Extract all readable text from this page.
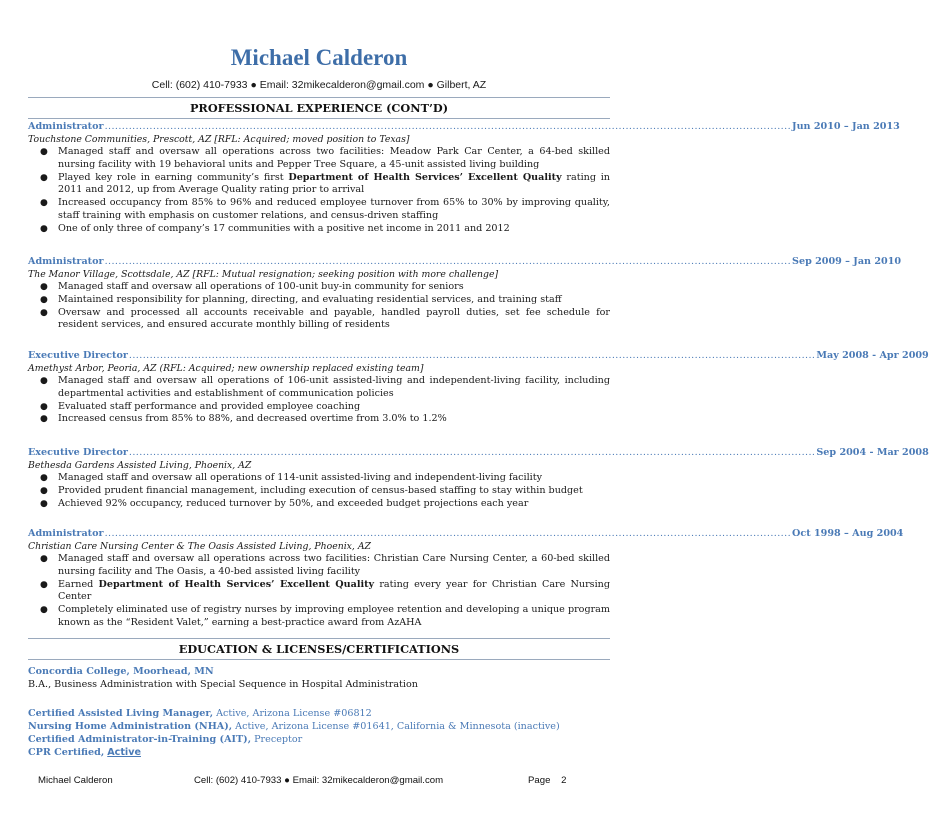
Michael Calderon
Cell: (602) 410-7933 ● Email: 32mikecalderon@gmail.com ● Gilbert, AZ
PROFESSIONAL EXPERIENCE (CONT’D)
Administrator ....................................................................................................................................................................................................... Jun 2010 – Jan 2013
Touchstone Communities, Prescott, AZ [RFL: Acquired; moved position to Texas]
● Managed staff and oversaw all operations across two facilities: Meadow Park Car Center, a 64-bed skilled nursing facility with 19 behavioral units and Pepper Tree Square, a 45-unit assisted living building
● Played key role in earning community’s first Department of Health Services’ Excellent Quality rating in 2011 and 2012, up from Average Quality rating prior to arrival
● Increased occupancy from 85% to 96% and reduced employee turnover from 65% to 30% by improving quality, staff training with emphasis on customer relations, and census-driven staffing
● One of only three of company’s 17 communities with a positive net income in 2011 and 2012
Administrator ....................................................................................................................................................................................................... Sep 2009 – Jan 2010
The Manor Village, Scottsdale, AZ [RFL: Mutual resignation; seeking position with more challenge]
● Managed staff and oversaw all operations of 100-unit buy-in community for seniors
● Maintained responsibility for planning, directing, and evaluating residential services, and training staff
● Oversaw and processed all accounts receivable and payable, handled payroll duties, set fee schedule for resident services, and ensured accurate monthly billing of residents
Executive Director ....................................................................................................................................................................................................... May 2008 - Apr 2009
Amethyst Arbor, Peoria, AZ (RFL: Acquired; new ownership replaced existing team]
● Managed staff and oversaw all operations of 106-unit assisted-living and independent-living facility, including departmental activities and establishment of communication policies
● Evaluated staff performance and provided employee coaching
● Increased census from 85% to 88%, and decreased overtime from 3.0% to 1.2%
Executive Director ....................................................................................................................................................................................................... Sep 2004 - Mar 2008
Bethesda Gardens Assisted Living, Phoenix, AZ
● Managed staff and oversaw all operations of 114-unit assisted-living and independent-living facility
● Provided prudent financial management, including execution of census-based staffing to stay within budget
● Achieved 92% occupancy, reduced turnover by 50%, and exceeded budget projections each year
Administrator ....................................................................................................................................................................................................... Oct 1998 – Aug 2004
Christian Care Nursing Center & The Oasis Assisted Living, Phoenix, AZ
● Managed staff and oversaw all operations across two facilities: Christian Care Nursing Center, a 60-bed skilled nursing facility and The Oasis, a 40-bed assisted living facility
● Earned Department of Health Services’ Excellent Quality rating every year for Christian Care Nursing Center
● Completely eliminated use of registry nurses by improving employee retention and developing a unique program known as the “Resident Valet,” earning a best-practice award from AzAHA
EDUCATION & LICENSES/CERTIFICATIONS
Concordia College, Moorhead, MN
B.A., Business Administration with Special Sequence in Hospital Administration
Certified Assisted Living Manager, Active, Arizona License #06812
Nursing Home Administration (NHA), Active, Arizona License #01641, California & Minnesota (inactive)
Certified Administrator-in-Training (AIT), Preceptor
CPR Certified, Active
Michael Calderon	Cell: (602) 410-7933 ● Email: 32mikecalderon@gmail.com	Page 2
